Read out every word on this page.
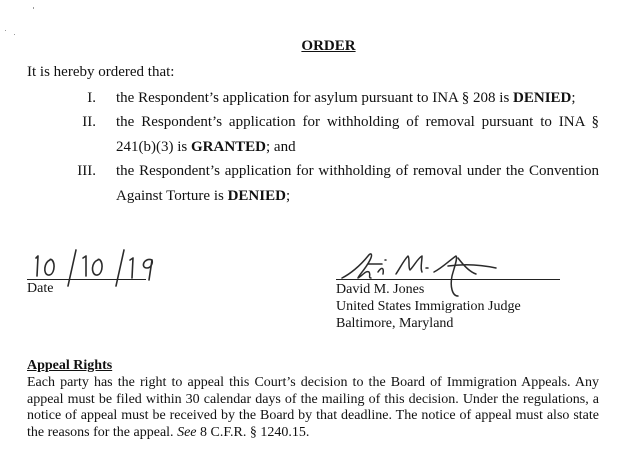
ORDER
It is hereby ordered that:
I. the Respondent’s application for asylum pursuant to INA § 208 is DENIED;
II. the Respondent’s application for withholding of removal pursuant to INA § 241(b)(3) is GRANTED; and
III. the Respondent’s application for withholding of removal under the Convention Against Torture is DENIED;
Date	David M. Jones
United States Immigration Judge
Baltimore, Maryland
Appeal Rights
Each party has the right to appeal this Court’s decision to the Board of Immigration Appeals. Any appeal must be filed within 30 calendar days of the mailing of this decision. Under the regulations, a notice of appeal must be received by the Board by that deadline. The notice of appeal must also state the reasons for the appeal. See 8 C.F.R. § 1240.15.
